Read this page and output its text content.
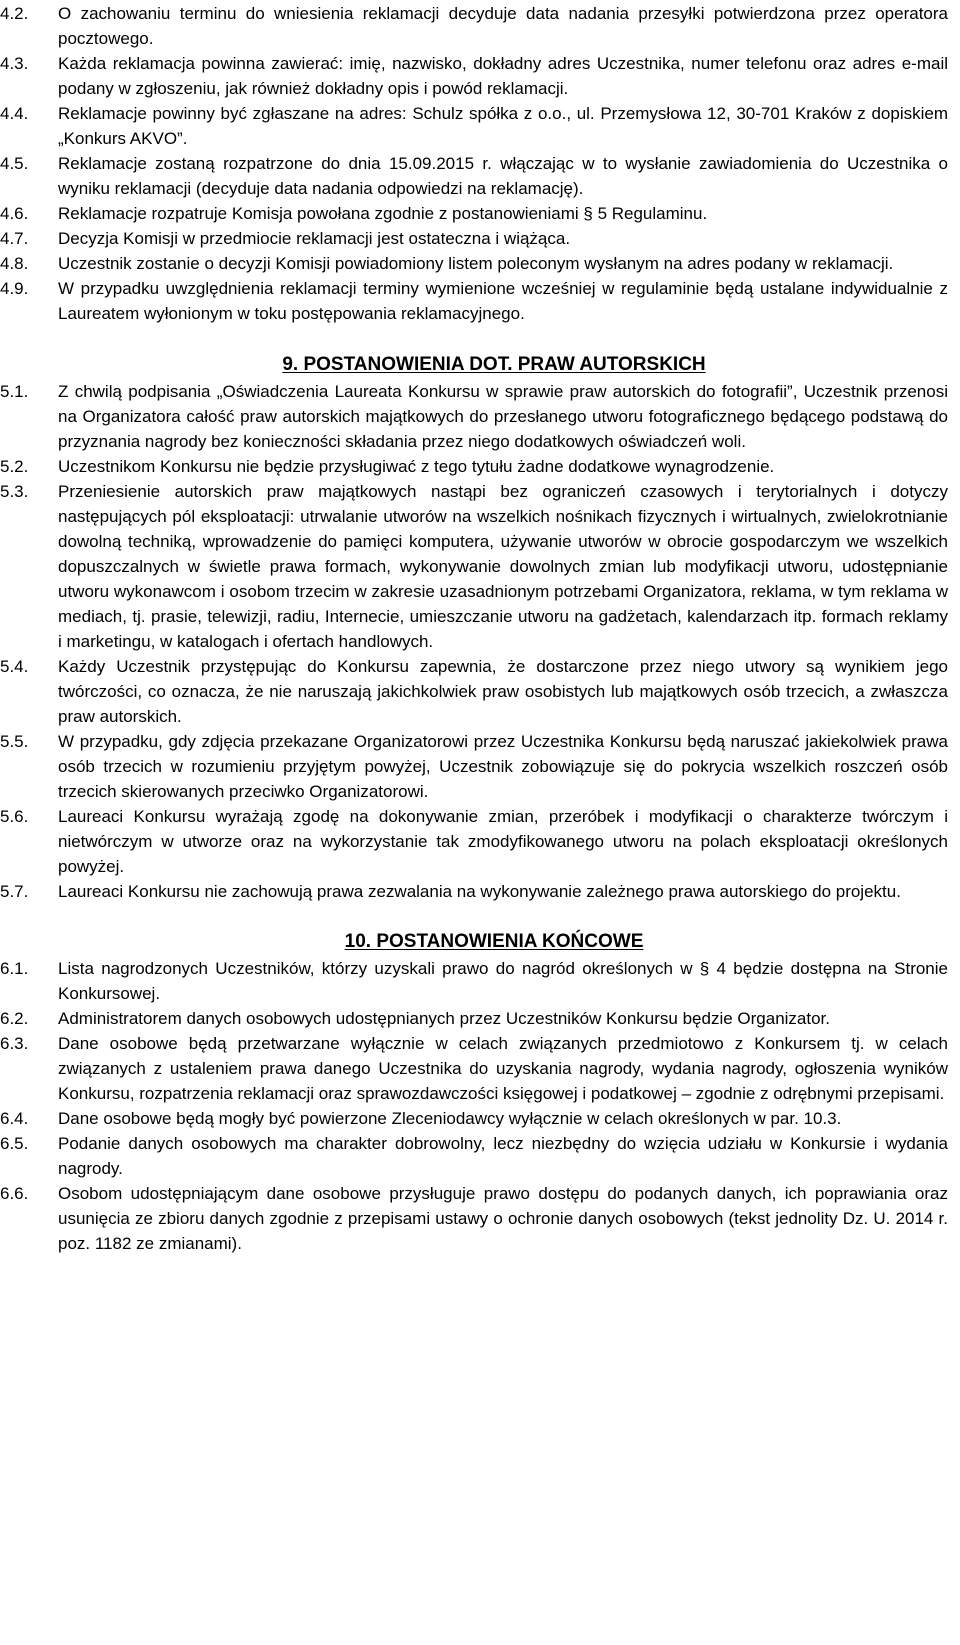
4.2.	O zachowaniu terminu do wniesienia reklamacji decyduje data nadania przesyłki potwierdzona przez operatora pocztowego.
4.3.	Każda reklamacja powinna zawierać: imię, nazwisko, dokładny adres Uczestnika, numer telefonu oraz adres e-mail podany w zgłoszeniu, jak również dokładny opis i powód reklamacji.
4.4.	Reklamacje powinny być zgłaszane na adres: Schulz spółka z o.o., ul. Przemysłowa 12, 30-701 Kraków z dopiskiem „Konkurs AKVO”.
4.5.	Reklamacje zostaną rozpatrzone do dnia 15.09.2015 r. włączając w to wysłanie zawiadomienia do Uczestnika o wyniku reklamacji (decyduje data nadania odpowiedzi na reklamację).
4.6.	Reklamacje rozpatruje Komisja powołana zgodnie z postanowieniami § 5 Regulaminu.
4.7.	Decyzja Komisji w przedmiocie reklamacji jest ostateczna i wiążąca.
4.8.	Uczestnik zostanie o decyzji Komisji powiadomiony listem poleconym wysłanym na adres podany w reklamacji.
4.9.	W przypadku uwzględnienia reklamacji terminy wymienione wcześniej w regulaminie będą ustalane indywidualnie z Laureatem wyłonionym w toku postępowania reklamacyjnego.
9. POSTANOWIENIA DOT. PRAW AUTORSKICH
5.1.	Z chwilą podpisania „Oświadczenia Laureata Konkursu w sprawie praw autorskich do fotografii”, Uczestnik przenosi na Organizatora całość praw autorskich majątkowych do przesłanego utworu fotograficznego będącego podstawą do przyznania nagrody bez konieczności składania przez niego dodatkowych oświadczeń woli.
5.2.	Uczestnikom Konkursu nie będzie przysługiwać z tego tytułu żadne dodatkowe wynagrodzenie.
5.3.	Przeniesienie autorskich praw majątkowych nastąpi bez ograniczeń czasowych i terytorialnych i dotyczy następujących pól eksploatacji: utrwalanie utworów na wszelkich nośnikach fizycznych i wirtualnych, zwielokrotnianie dowolną techniką, wprowadzenie do pamięci komputera, używanie utworów w obrocie gospodarczym we wszelkich dopuszczalnych w świetle prawa formach, wykonywanie dowolnych zmian lub modyfikacji utworu, udostępnianie utworu wykonawcom i osobom trzecim w zakresie uzasadnionym potrzebami Organizatora, reklama, w tym reklama w mediach, tj. prasie, telewizji, radiu, Internecie, umieszczanie utworu na gadżetach, kalendarzach itp. formach reklamy i marketingu, w katalogach i ofertach handlowych.
5.4.	Każdy Uczestnik przystępując do Konkursu zapewnia, że dostarczone przez niego utwory są wynikiem jego twórczości, co oznacza, że nie naruszają jakichkolwiek praw osobistych lub majątkowych osób trzecich, a zwłaszcza praw autorskich.
5.5.	W przypadku, gdy zdjęcia przekazane Organizatorowi przez Uczestnika Konkursu będą naruszać jakiekolwiek prawa osób trzecich w rozumieniu przyjętym powyżej, Uczestnik zobowiązuje się do pokrycia wszelkich roszczeń osób trzecich skierowanych przeciwko Organizatorowi.
5.6.	Laureaci Konkursu wyrażają zgodę na dokonywanie zmian, przeróbek i modyfikacji o charakterze twórczym i nietwórczym w utworze oraz na wykorzystanie tak zmodyfikowanego utworu na polach eksploatacji określonych powyżej.
5.7.	Laureaci Konkursu nie zachowują prawa zezwalania na wykonywanie zależnego prawa autorskiego do projektu.
10. POSTANOWIENIA KOŃCOWE
6.1.	Lista nagrodzonych Uczestników, którzy uzyskali prawo do nagród określonych w § 4 będzie dostępna na Stronie Konkursowej.
6.2.	Administratorem danych osobowych udostępnianych przez Uczestników Konkursu będzie Organizator.
6.3.	Dane osobowe będą przetwarzane wyłącznie w celach związanych przedmiotowo z Konkursem tj. w celach związanych z ustaleniem prawa danego Uczestnika do uzyskania nagrody, wydania nagrody, ogłoszenia wyników Konkursu, rozpatrzenia reklamacji oraz sprawozdawczości księgowej i podatkowej – zgodnie z odrębnymi przepisami.
6.4.	Dane osobowe będą mogły być powierzone Zleceniodawcy wyłącznie w celach określonych w par. 10.3.
6.5.	Podanie danych osobowych ma charakter dobrowolny, lecz niezbędny do wzięcia udziału w Konkursie i wydania nagrody.
6.6.	Osobom udostępniającym dane osobowe przysługuje prawo dostępu do podanych danych, ich poprawiania oraz usunięcia ze zbioru danych zgodnie z przepisami ustawy o ochronie danych osobowych (tekst jednolity Dz. U. 2014 r. poz. 1182 ze zmianami).
